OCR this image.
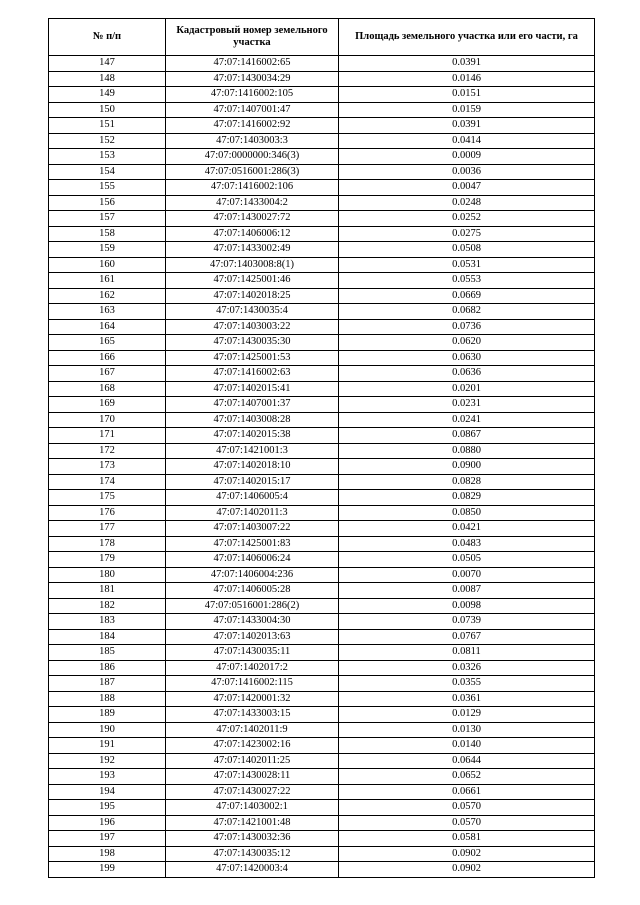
№ п/п	Кадастровый номер земельного участка	Площадь земельного участка или его части, га
147	47:07:1416002:65	0.0391
148	47:07:1430034:29	0.0146
149	47:07:1416002:105	0.0151
150	47:07:1407001:47	0.0159
151	47:07:1416002:92	0.0391
152	47:07:1403003:3	0.0414
153	47:07:0000000:346(3)	0.0009
154	47:07:0516001:286(3)	0.0036
155	47:07:1416002:106	0.0047
156	47:07:1433004:2	0.0248
157	47:07:1430027:72	0.0252
158	47:07:1406006:12	0.0275
159	47:07:1433002:49	0.0508
160	47:07:1403008:8(1)	0.0531
161	47:07:1425001:46	0.0553
162	47:07:1402018:25	0.0669
163	47:07:1430035:4	0.0682
164	47:07:1403003:22	0.0736
165	47:07:1430035:30	0.0620
166	47:07:1425001:53	0.0630
167	47:07:1416002:63	0.0636
168	47:07:1402015:41	0.0201
169	47:07:1407001:37	0.0231
170	47:07:1403008:28	0.0241
171	47:07:1402015:38	0.0867
172	47:07:1421001:3	0.0880
173	47:07:1402018:10	0.0900
174	47:07:1402015:17	0.0828
175	47:07:1406005:4	0.0829
176	47:07:1402011:3	0.0850
177	47:07:1403007:22	0.0421
178	47:07:1425001:83	0.0483
179	47:07:1406006:24	0.0505
180	47:07:1406004:236	0.0070
181	47:07:1406005:28	0.0087
182	47:07:0516001:286(2)	0.0098
183	47:07:1433004:30	0.0739
184	47:07:1402013:63	0.0767
185	47:07:1430035:11	0.0811
186	47:07:1402017:2	0.0326
187	47:07:1416002:115	0.0355
188	47:07:1420001:32	0.0361
189	47:07:1433003:15	0.0129
190	47:07:1402011:9	0.0130
191	47:07:1423002:16	0.0140
192	47:07:1402011:25	0.0644
193	47:07:1430028:11	0.0652
194	47:07:1430027:22	0.0661
195	47:07:1403002:1	0.0570
196	47:07:1421001:48	0.0570
197	47:07:1430032:36	0.0581
198	47:07:1430035:12	0.0902
199	47:07:1420003:4	0.0902
